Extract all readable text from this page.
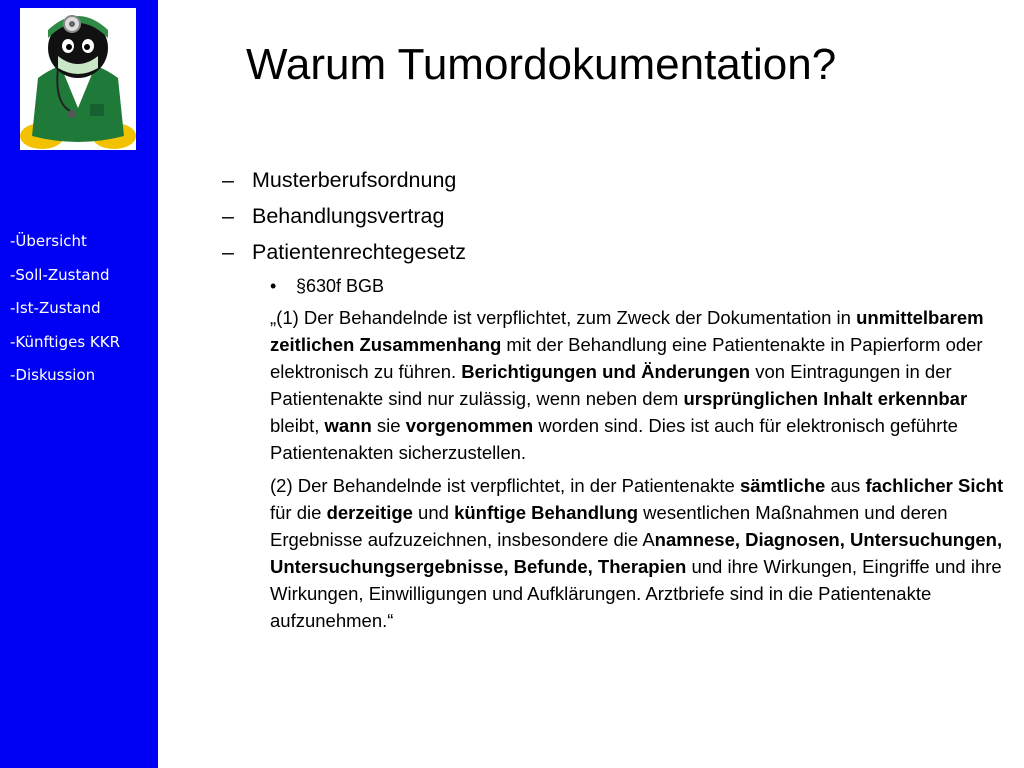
-Übersicht
-Soll-Zustand
-Ist-Zustand
-Künftiges KKR
-Diskussion
Warum Tumordokumentation?
– Musterberufsordnung
– Behandlungsvertrag
– Patientenrechtegesetz
• §630f BGB

„(1) Der Behandelnde ist verpflichtet, zum Zweck der Dokumentation in unmittelbarem zeitlichen Zusammenhang mit der Behandlung eine Patientenakte in Papierform oder elektronisch zu führen. Berichtigungen und Änderungen von Eintragungen in der Patientenakte sind nur zulässig, wenn neben dem ursprünglichen Inhalt erkennbar bleibt, wann sie vorgenommen worden sind. Dies ist auch für elektronisch geführte Patientenakten sicherzustellen.

(2) Der Behandelnde ist verpflichtet, in der Patientenakte sämtliche aus fachlicher Sicht für die derzeitige und künftige Behandlung wesentlichen Maßnahmen und deren Ergebnisse aufzuzeichnen, insbesondere die Anamnese, Diagnosen, Untersuchungen, Untersuchungsergebnisse, Befunde, Therapien und ihre Wirkungen, Eingriffe und ihre Wirkungen, Einwilligungen und Aufklärungen. Arztbriefe sind in die Patientenakte aufzunehmen.“
